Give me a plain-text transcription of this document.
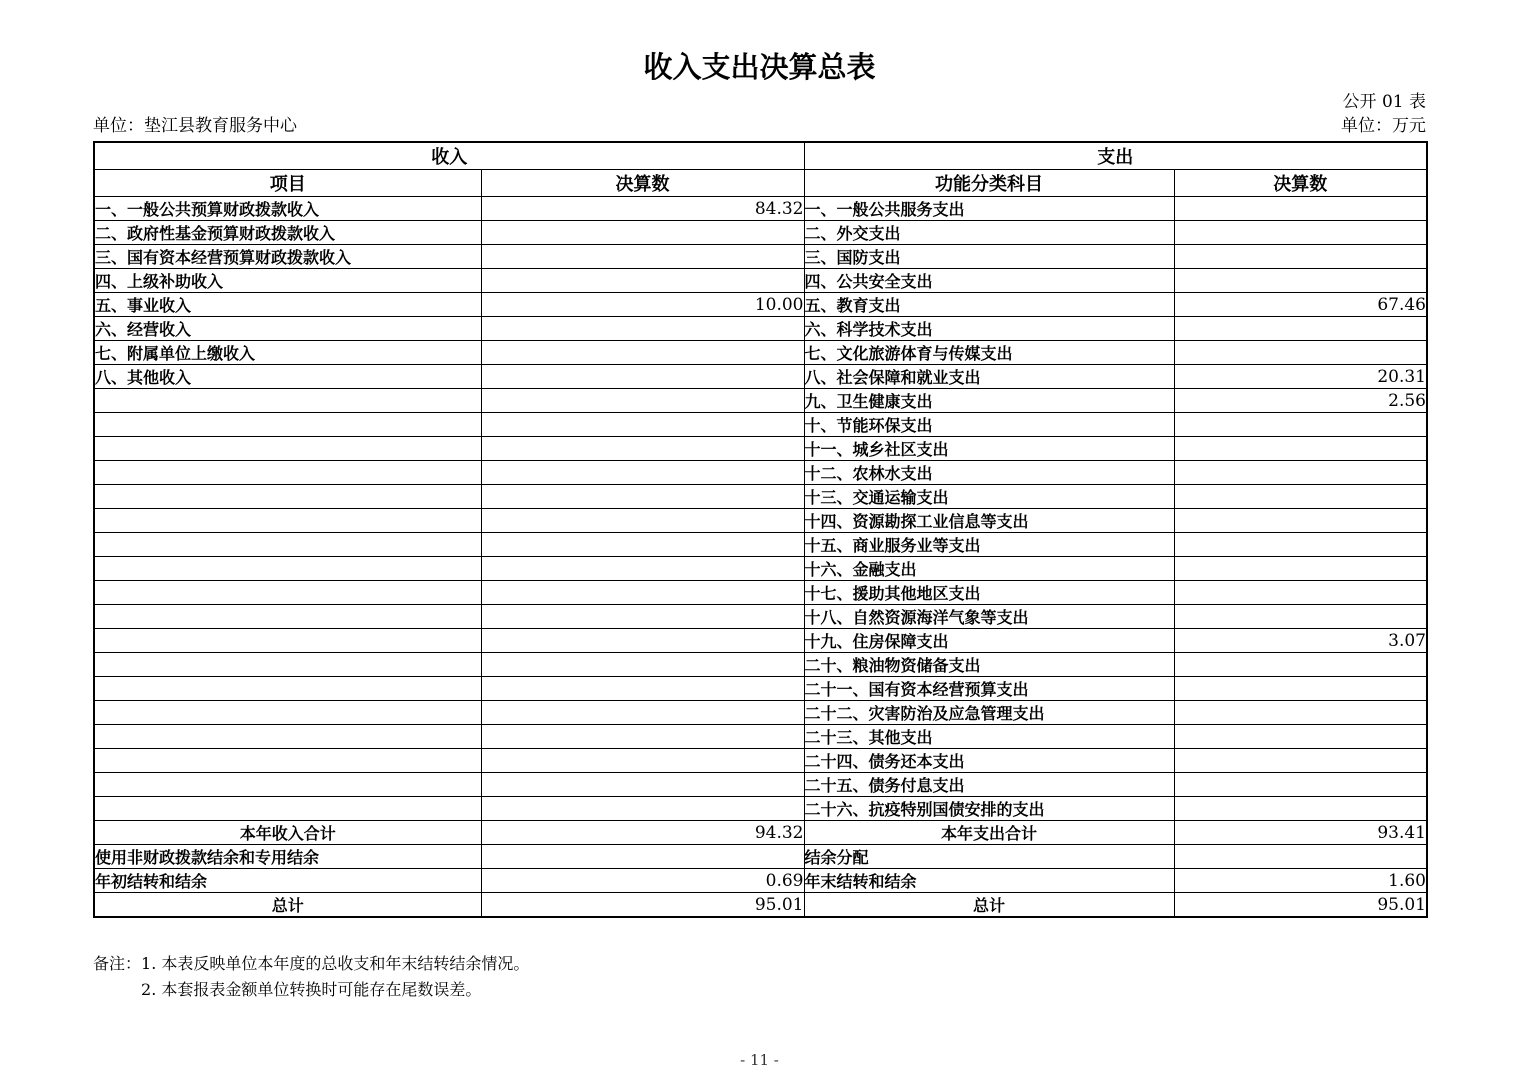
收入支出决算总表
公开 01 表
单位：垫江县教育服务中心	单位：万元
收入		支出	
项目	决算数	功能分类科目	决算数
一、一般公共预算财政拨款收入	84.32	一、一般公共服务支出	
二、政府性基金预算财政拨款收入		二、外交支出	
三、国有资本经营预算财政拨款收入		三、国防支出	
四、上级补助收入		四、公共安全支出	
五、事业收入	10.00	五、教育支出	67.46
六、经营收入		六、科学技术支出	
七、附属单位上缴收入		七、文化旅游体育与传媒支出	
八、其他收入		八、社会保障和就业支出	20.31
		九、卫生健康支出	2.56
		十、节能环保支出	
		十一、城乡社区支出	
		十二、农林水支出	
		十三、交通运输支出	
		十四、资源勘探工业信息等支出	
		十五、商业服务业等支出	
		十六、金融支出	
		十七、援助其他地区支出	
		十八、自然资源海洋气象等支出	
		十九、住房保障支出	3.07
		二十、粮油物资储备支出	
		二十一、国有资本经营预算支出	
		二十二、灾害防治及应急管理支出	
		二十三、其他支出	
		二十四、债务还本支出	
		二十五、债务付息支出	
		二十六、抗疫特别国债安排的支出	
本年收入合计	94.32	本年支出合计	93.41
使用非财政拨款结余和专用结余		结余分配	
年初结转和结余	0.69	年末结转和结余	1.60
总计	95.01	总计	95.01
备注： 1. 本表反映单位本年度的总收支和年末结转结余情况。
2. 本套报表金额单位转换时可能存在尾数误差。
- 11 -
